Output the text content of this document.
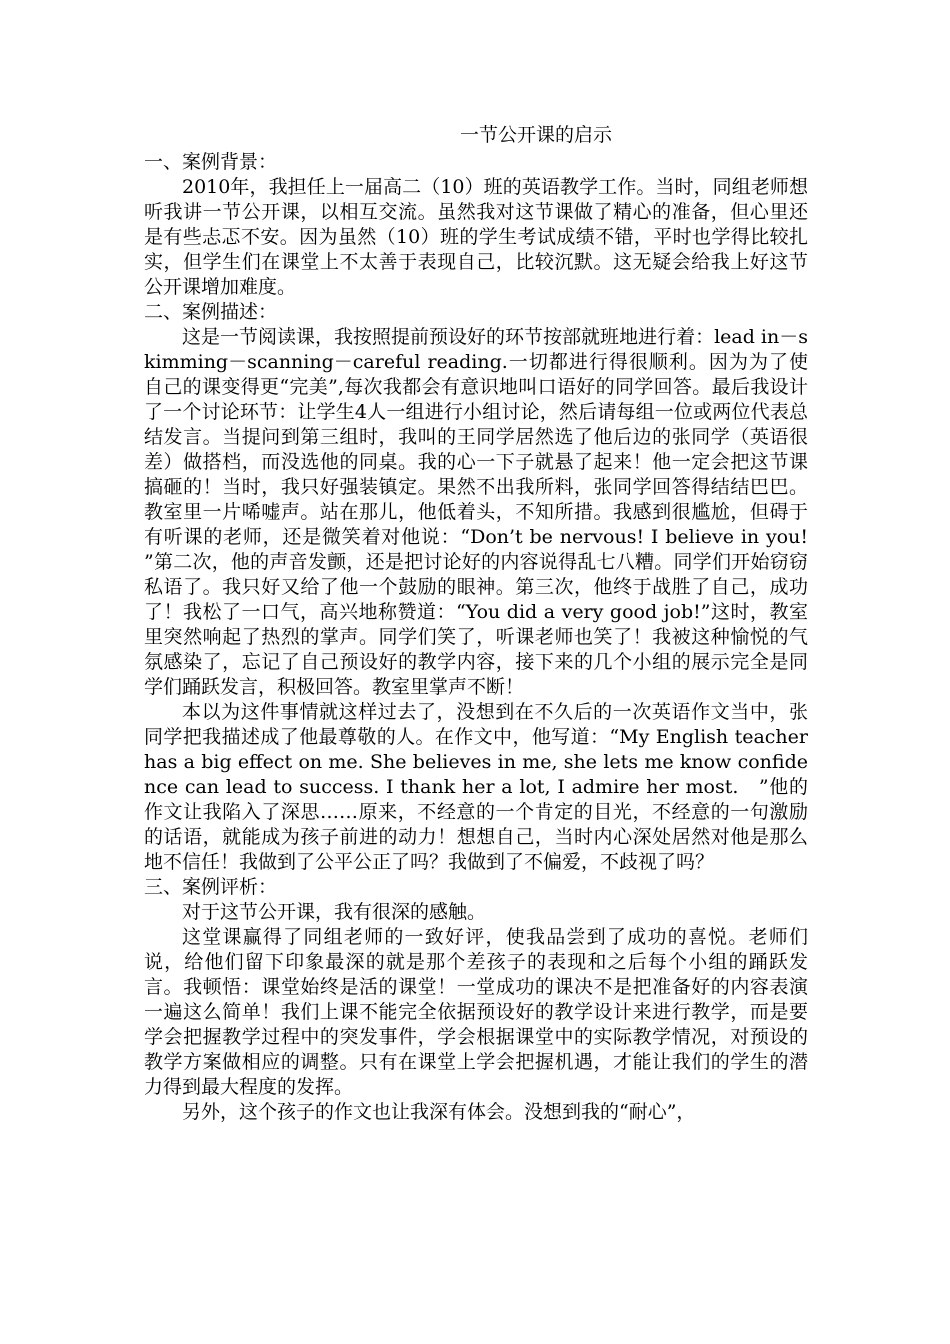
一节公开课的启示

一、案例背景：

2010年，我担任上一届高二（10）班的英语教学工作。当时，同组老师想听我讲一节公开课，以相互交流。虽然我对这节课做了精心的准备，但心里还是有些忐忑不安。因为虽然（10）班的学生考试成绩不错，平时也学得比较扎实，但学生们在课堂上不太善于表现自己，比较沉默。这无疑会给我上好这节公开课增加难度。

二、案例描述：

这是一节阅读课，我按照提前预设好的环节按部就班地进行着：lead in－skimming－scanning－careful reading.一切都进行得很顺利。因为为了使自己的课变得更“完美”,每次我都会有意识地叫口语好的同学回答。最后我设计了一个讨论环节：让学生4人一组进行小组讨论，然后请每组一位或两位代表总结发言。当提问到第三组时，我叫的王同学居然选了他后边的张同学（英语很差）做搭档，而没选他的同桌。我的心一下子就悬了起来！他一定会把这节课搞砸的！当时，我只好强装镇定。果然不出我所料，张同学回答得结结巴巴。教室里一片唏嘘声。站在那儿，他低着头，不知所措。我感到很尴尬，但碍于有听课的老师，还是微笑着对他说：“Don’t be nervous! I believe in you! ”第二次，他的声音发颤，还是把讨论好的内容说得乱七八糟。同学们开始窃窃私语了。我只好又给了他一个鼓励的眼神。第三次，他终于战胜了自己，成功了！我松了一口气，高兴地称赞道：“You did a very good job!”这时，教室里突然响起了热烈的掌声。同学们笑了，听课老师也笑了！我被这种愉悦的气氛感染了，忘记了自己预设好的教学内容，接下来的几个小组的展示完全是同学们踊跃发言，积极回答。教室里掌声不断！

本以为这件事情就这样过去了，没想到在不久后的一次英语作文当中，张同学把我描述成了他最尊敬的人。在作文中，他写道：“My English teacher has a big effect on me. She believes in me, she lets me know confidence can lead to success. I thank her a lot, I admire her most.　”他的作文让我陷入了深思……原来，不经意的一个肯定的目光，不经意的一句激励的话语，就能成为孩子前进的动力！想想自己，当时内心深处居然对他是那么地不信任！我做到了公平公正了吗？我做到了不偏爱，不歧视了吗？

三、案例评析：

对于这节公开课，我有很深的感触。

这堂课赢得了同组老师的一致好评，使我品尝到了成功的喜悦。老师们说，给他们留下印象最深的就是那个差孩子的表现和之后每个小组的踊跃发言。我顿悟：课堂始终是活的课堂！一堂成功的课决不是把准备好的内容表演一遍这么简单！我们上课不能完全依据预设好的教学设计来进行教学，而是要学会把握教学过程中的突发事件，学会根据课堂中的实际教学情况，对预设的教学方案做相应的调整。只有在课堂上学会把握机遇，才能让我们的学生的潜力得到最大程度的发挥。

另外，这个孩子的作文也让我深有体会。没想到我的“耐心”，
